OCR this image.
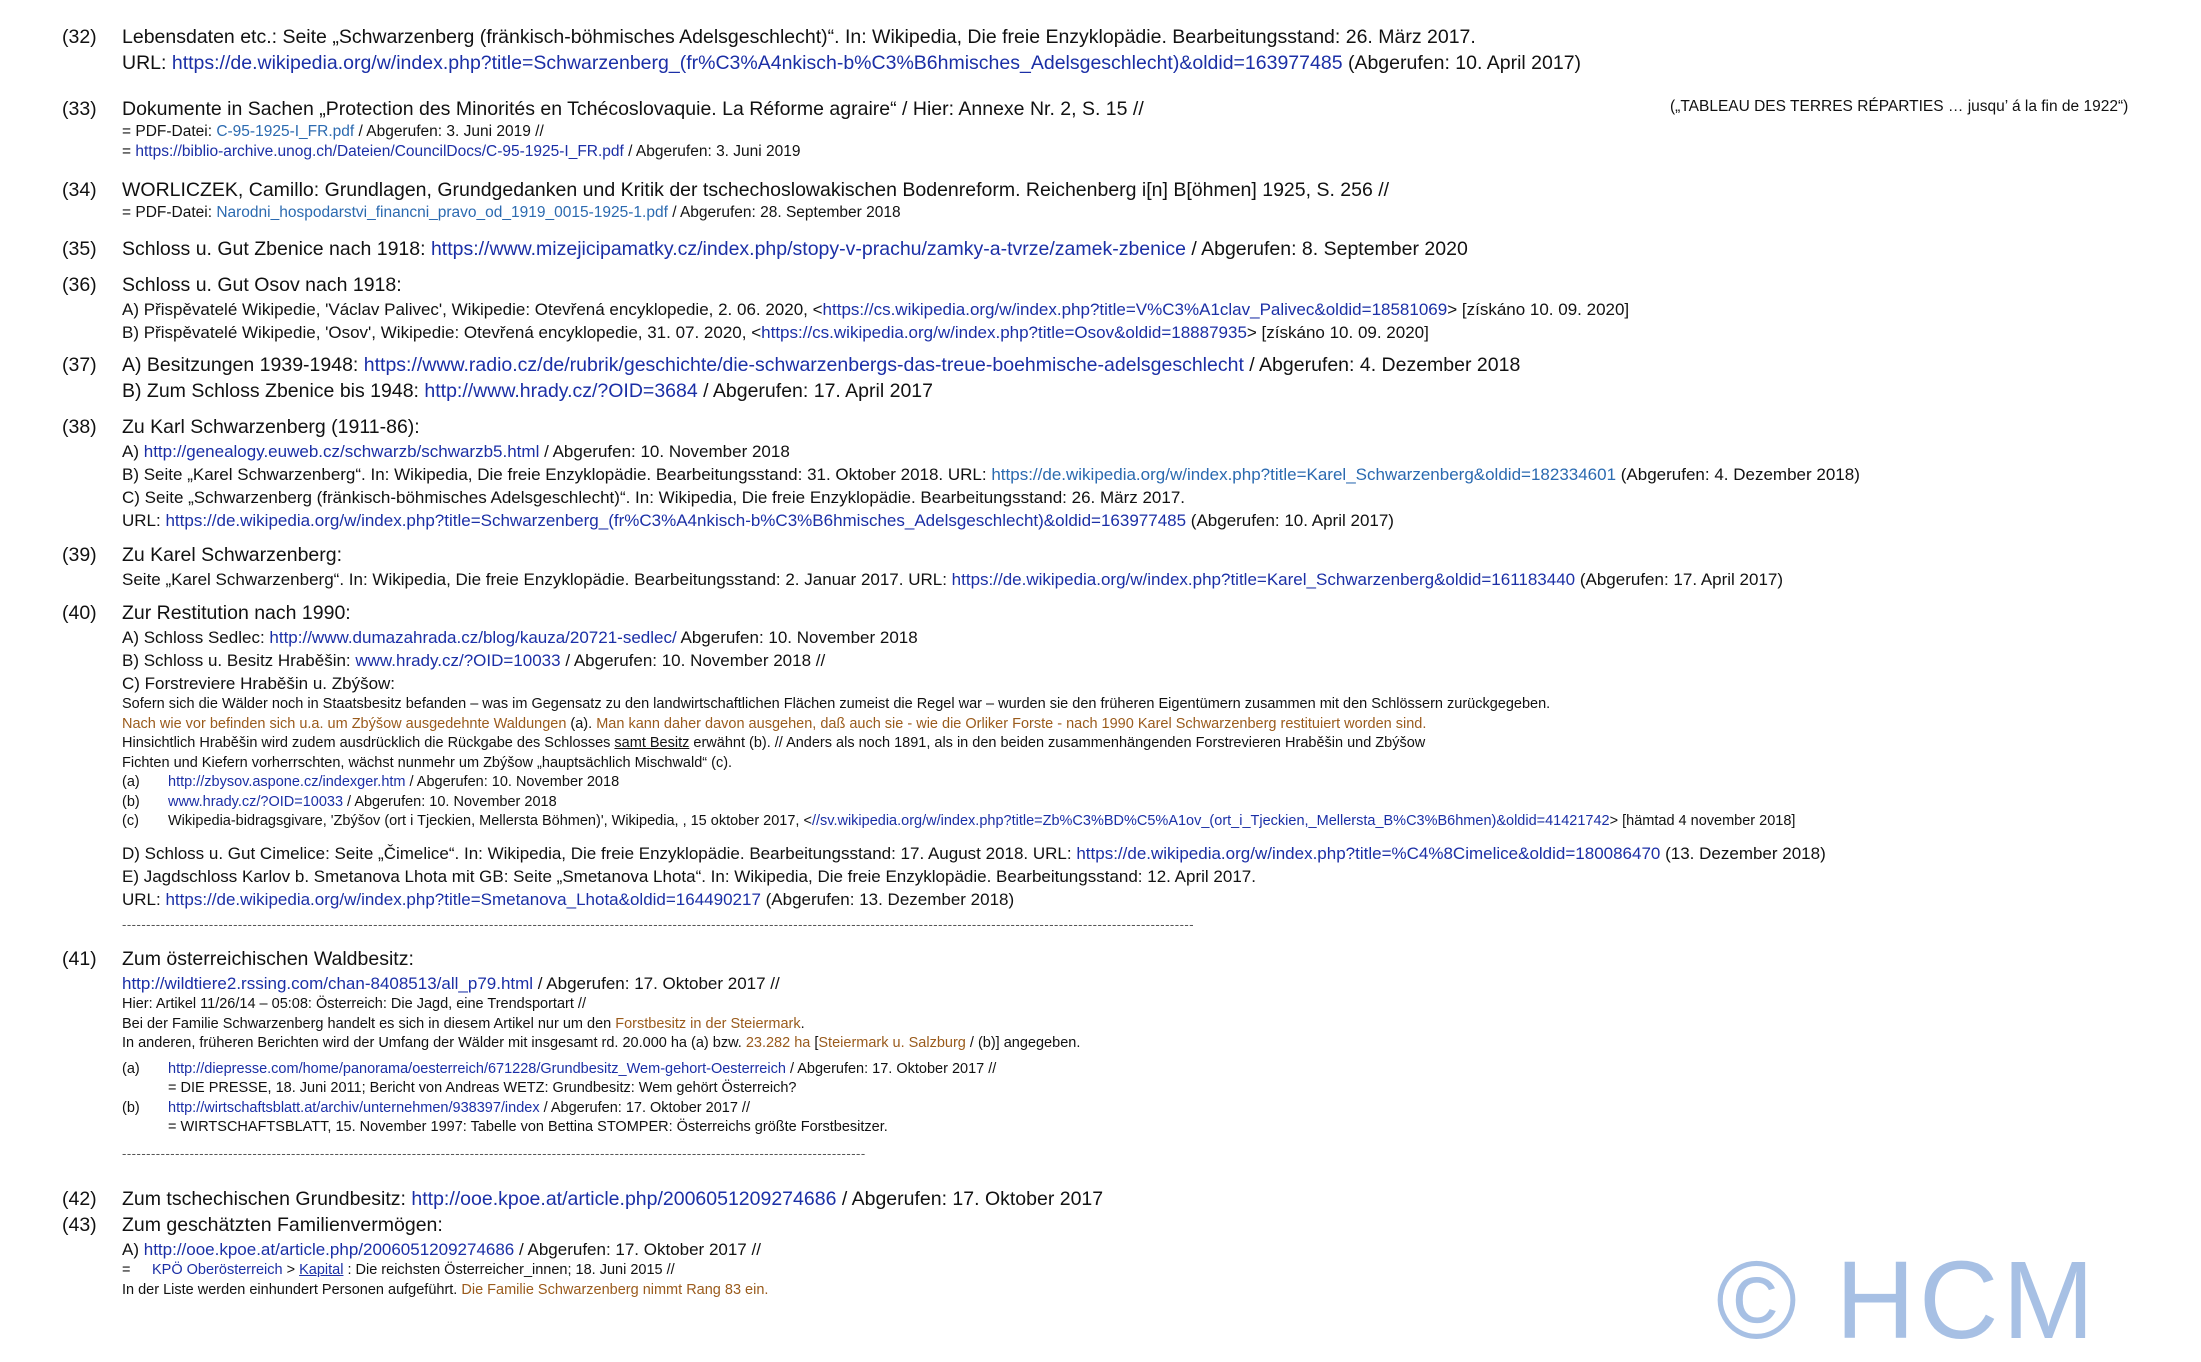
(32) Lebensdaten etc.: Seite „Schwarzenberg (fränkisch-böhmisches Adelsgeschlecht)“. In: Wikipedia, Die freie Enzyklopädie. Bearbeitungsstand: 26. März 2017.
URL: https://de.wikipedia.org/w/index.php?title=Schwarzenberg_(fr%C3%A4nkisch-b%C3%B6hmisches_Adelsgeschlecht)&oldid=163977485 (Abgerufen: 10. April 2017)
(33) Dokumente in Sachen „Protection des Minorités en Tchécoslovaquie. La Réforme agraire“ / Hier: Annexe Nr. 2, S. 15 //	(„TABLEAU DES TERRES RÉPARTIES … jusqu’ á la fin de 1922“)
= PDF-Datei: C-95-1925-I_FR.pdf / Abgerufen: 3. Juni 2019 //
= https://biblio-archive.unog.ch/Dateien/CouncilDocs/C-95-1925-I_FR.pdf / Abgerufen: 3. Juni 2019
(34) WORLICZEK, Camillo: Grundlagen, Grundgedanken und Kritik der tschechoslowakischen Bodenreform. Reichenberg i[n] B[öhmen] 1925, S. 256 //
= PDF-Datei: Narodni_hospodarstvi_financni_pravo_od_1919_0015-1925-1.pdf / Abgerufen: 28. September 2018
(35) Schloss u. Gut Zbenice nach 1918: https://www.mizejicipamatky.cz/index.php/stopy-v-prachu/zamky-a-tvrze/zamek-zbenice / Abgerufen: 8. September 2020
(36) Schloss u. Gut Osov nach 1918:
A) Přispěvatelé Wikipedie, 'Václav Palivec', Wikipedie: Otevřená encyklopedie, 2. 06. 2020, <https://cs.wikipedia.org/w/index.php?title=V%C3%A1clav_Palivec&oldid=18581069> [získáno 10. 09. 2020]
B) Přispěvatelé Wikipedie, 'Osov', Wikipedie: Otevřená encyklopedie, 31. 07. 2020, <https://cs.wikipedia.org/w/index.php?title=Osov&oldid=18887935> [získáno 10. 09. 2020]
(37) A) Besitzungen 1939-1948: https://www.radio.cz/de/rubrik/geschichte/die-schwarzenbergs-das-treue-boehmische-adelsgeschlecht / Abgerufen: 4. Dezember 2018
B) Zum Schloss Zbenice bis 1948: http://www.hrady.cz/?OID=3684 / Abgerufen: 17. April 2017
(38) Zu Karl Schwarzenberg (1911-86):
A) http://genealogy.euweb.cz/schwarzb/schwarzb5.html / Abgerufen: 10. November 2018
B) Seite „Karel Schwarzenberg“. In: Wikipedia, Die freie Enzyklopädie. Bearbeitungsstand: 31. Oktober 2018. URL: https://de.wikipedia.org/w/index.php?title=Karel_Schwarzenberg&oldid=182334601 (Abgerufen: 4. Dezember 2018)
C) Seite „Schwarzenberg (fränkisch-böhmisches Adelsgeschlecht)“. In: Wikipedia, Die freie Enzyklopädie. Bearbeitungsstand: 26. März 2017.
URL: https://de.wikipedia.org/w/index.php?title=Schwarzenberg_(fr%C3%A4nkisch-b%C3%B6hmisches_Adelsgeschlecht)&oldid=163977485 (Abgerufen: 10. April 2017)
(39) Zu Karel Schwarzenberg:
Seite „Karel Schwarzenberg“. In: Wikipedia, Die freie Enzyklopädie. Bearbeitungsstand: 2. Januar 2017. URL: https://de.wikipedia.org/w/index.php?title=Karel_Schwarzenberg&oldid=161183440 (Abgerufen: 17. April 2017)
(40) Zur Restitution nach 1990:
A) Schloss Sedlec: http://www.dumazahrada.cz/blog/kauza/20721-sedlec/ Abgerufen: 10. November 2018
B) Schloss u. Besitz Hraběšin: www.hrady.cz/?OID=10033 / Abgerufen: 10. November 2018 //
C) Forstreviere Hraběšin u. Zbýšow:
Sofern sich die Wälder noch in Staatsbesitz befanden – was im Gegensatz zu den landwirtschaftlichen Flächen zumeist die Regel war – wurden sie den früheren Eigentümern zusammen mit den Schlössern zurückgegeben.
Nach wie vor befinden sich u.a. um Zbýšow ausgedehnte Waldungen (a). Man kann daher davon ausgehen, daß auch sie - wie die Orliker Forste - nach 1990 Karel Schwarzenberg restituiert worden sind.
Hinsichtlich Hraběšin wird zudem ausdrücklich die Rückgabe des Schlosses samt Besitz erwähnt (b). // Anders als noch 1891, als in den beiden zusammenhängenden Forstrevieren Hraběšin und Zbýšow
Fichten und Kiefern vorherrschten, wächst nunmehr um Zbýšow „hauptsächlich Mischwald“ (c).
(a) http://zbysov.aspone.cz/indexger.htm / Abgerufen: 10. November 2018
(b) www.hrady.cz/?OID=10033 / Abgerufen: 10. November 2018
(c) Wikipedia-bidragsgivare, 'Zbýšov (ort i Tjeckien, Mellersta Böhmen)', Wikipedia, , 15 oktober 2017, <//sv.wikipedia.org/w/index.php?title=Zb%C3%BD%C5%A1ov_(ort_i_Tjeckien,_Mellersta_B%C3%B6hmen)&oldid=41421742> [hämtad 4 november 2018]
D) Schloss u. Gut Cimelice: Seite „Čimelice“. In: Wikipedia, Die freie Enzyklopädie. Bearbeitungsstand: 17. August 2018. URL: https://de.wikipedia.org/w/index.php?title=%C4%8Cimelice&oldid=180086470 (13. Dezember 2018)
E) Jagdschloss Karlov b. Smetanova Lhota mit GB: Seite „Smetanova Lhota“. In: Wikipedia, Die freie Enzyklopädie. Bearbeitungsstand: 12. April 2017.
URL: https://de.wikipedia.org/w/index.php?title=Smetanova_Lhota&oldid=164490217 (Abgerufen: 13. Dezember 2018)
------------------------------------------------------------------------------------------------------------------------------------------------------------------------------------------------------------------------------
(41) Zum österreichischen Waldbesitz:
http://wildtiere2.rssing.com/chan-8408513/all_p79.html / Abgerufen: 17. Oktober 2017 //
Hier: Artikel 11/26/14 – 05:08: Österreich: Die Jagd, eine Trendsportart //
Bei der Familie Schwarzenberg handelt es sich in diesem Artikel nur um den Forstbesitz in der Steiermark.
In anderen, früheren Berichten wird der Umfang der Wälder mit insgesamt rd. 20.000 ha (a) bzw. 23.282 ha [Steiermark u. Salzburg / (b)] angegeben.
(a) http://diepresse.com/home/panorama/oesterreich/671228/Grundbesitz_Wem-gehort-Oesterreich / Abgerufen: 17. Oktober 2017 //
= DIE PRESSE, 18. Juni 2011; Bericht von Andreas WETZ: Grundbesitz: Wem gehört Österreich?
(b) http://wirtschaftsblatt.at/archiv/unternehmen/938397/index / Abgerufen: 17. Oktober 2017 //
= WIRTSCHAFTSBLATT, 15. November 1997: Tabelle von Bettina STOMPER: Österreichs größte Forstbesitzer.
----------------------------------------------------------------------------------------------------------------------------------------------------------
(42) Zum tschechischen Grundbesitz: http://ooe.kpoe.at/article.php/2006051209274686 / Abgerufen: 17. Oktober 2017
(43) Zum geschätzten Familienvermögen:
A) http://ooe.kpoe.at/article.php/2006051209274686 / Abgerufen: 17. Oktober 2017 //
=KPÖ Oberösterreich > Kapital : Die reichsten Österreicher_innen; 18. Juni 2015 //
In der Liste werden einhundert Personen aufgeführt. Die Familie Schwarzenberg nimmt Rang 83 ein.	© HCM
